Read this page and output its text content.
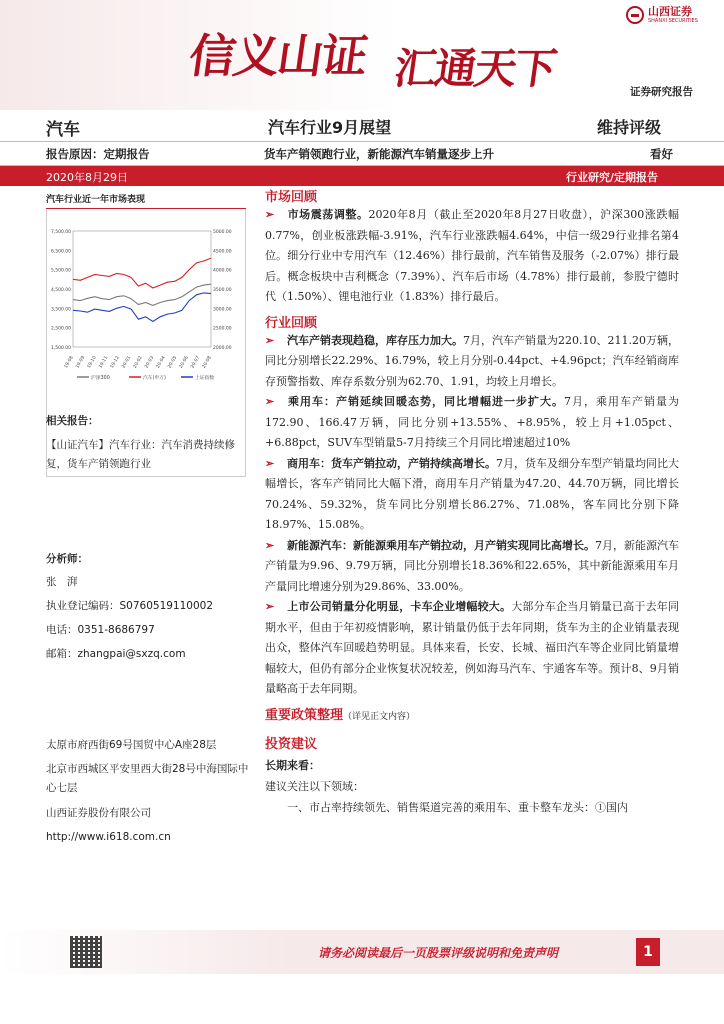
信义山证 汇通天下
山西证券
SHANXI SECURITIES
证券研究报告
汽车	汽车行业9月展望	维持评级
报告原因：定期报告	货车产销领跑行业，新能源汽车销量逐步上升	看好
2020年8月29日	行业研究/定期报告
汽车行业近一年市场表现
7,500.00
6,500.00
5,500.00
4,500.00
3,500.00
2,500.00
1,500.00
5000.00
4500.00
4000.00
3500.00
3000.00
2500.00
2000.00
19-08 19-09 19-10 19-11 19-12 20-01 20-02 20-03 20-04 20-05 20-06 20-07 20-08
沪深300	汽车(申万)	上证指数
相关报告：
【山证汽车】汽车行业：汽车消费持续修复，货车产销领跑行业
分析师：
张　湃
执业登记编码：S0760519110002
电话：0351-8686797
邮箱：zhangpai@sxzq.com
太原市府西街69号国贸中心A座28层
北京市西城区平安里西大街28号中海国际中心七层
山西证券股份有限公司
http://www.i618.com.cn
市场回顾
➢ 市场震荡调整。2020年8月（截止至2020年8月27日收盘），沪深300涨跌幅0.77%，创业板涨跌幅-3.91%，汽车行业涨跌幅4.64%，中信一级29行业排名第4位。细分行业中专用汽车（12.46%）排行最前，汽车销售及服务（-2.07%）排行最后。概念板块中吉利概念（7.39%）、汽车后市场（4.78%）排行最前，参股宁德时代（1.50%）、锂电池行业（1.83%）排行最后。
行业回顾
➢ 汽车产销表现趋稳，库存压力加大。7月，汽车产销量为220.10、211.20万辆，同比分别增长22.29%、16.79%，较上月分别-0.44pct、+4.96pct；汽车经销商库存预警指数、库存系数分别为62.70、1.91，均较上月增长。
➢ 乘用车：产销延续回暖态势，同比增幅进一步扩大。7月，乘用车产销量为172.90、166.47万辆，同比分别+13.55%、+8.95%，较上月+1.05pct、+6.88pct，SUV车型销量5-7月持续三个月同比增速超过10%
➢ 商用车：货车产销拉动，产销持续高增长。7月，货车及细分车型产销量均同比大幅增长，客车产销同比大幅下滑，商用车月产销量为47.20、44.70万辆，同比增长70.24%、59.32%，货车同比分别增长86.27%、71.08%，客车同比分别下降18.97%、15.08%。
➢ 新能源汽车：新能源乘用车产销拉动，月产销实现同比高增长。7月，新能源汽车产销量为9.96、9.79万辆，同比分别增长18.36%和22.65%，其中新能源乘用车月产量同比增速分别为29.86%、33.00%。
➢ 上市公司销量分化明显，卡车企业增幅较大。大部分车企当月销量已高于去年同期水平，但由于年初疫情影响，累计销量仍低于去年同期，货车为主的企业销量表现出众，整体汽车回暖趋势明显。具体来看，长安、长城、福田汽车等企业同比销量增幅较大，但仍有部分企业恢复状况较差，例如海马汽车、宇通客车等。预计8、9月销量略高于去年同期。
重要政策整理（详见正文内容）
投资建议
长期来看：
建议关注以下领域：
一、市占率持续领先、销售渠道完善的乘用车、重卡整车龙头：①国内
请务必阅读最后一页股票评级说明和免责声明	1
